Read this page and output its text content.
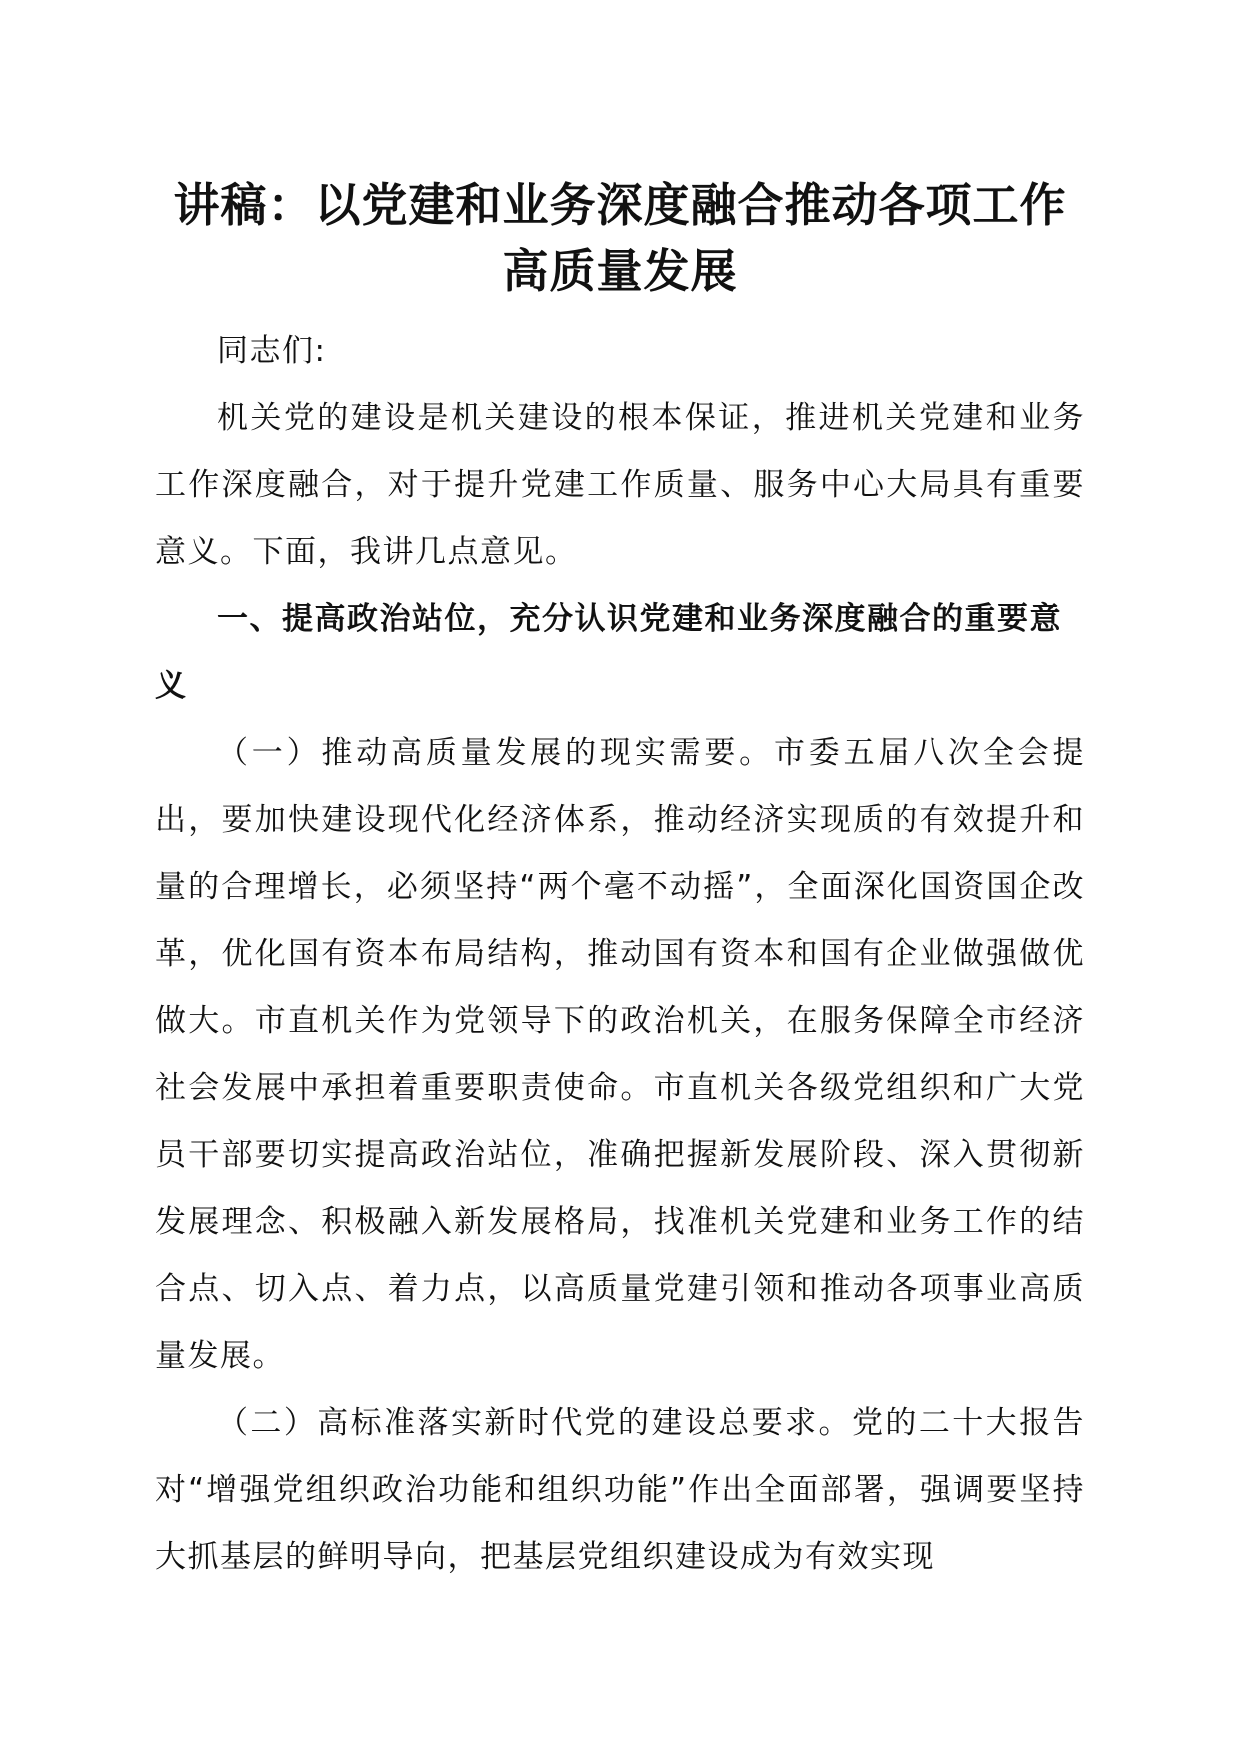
讲稿：以党建和业务深度融合推动各项工作高质量发展

同志们:

机关党的建设是机关建设的根本保证，推进机关党建和业务工作深度融合，对于提升党建工作质量、服务中心大局具有重要意义。下面，我讲几点意见。

一、提高政治站位，充分认识党建和业务深度融合的重要意义

（一）推动高质量发展的现实需要。市委五届八次全会提出，要加快建设现代化经济体系，推动经济实现质的有效提升和量的合理增长，必须坚持“两个毫不动摇”，全面深化国资国企改革，优化国有资本布局结构，推动国有资本和国有企业做强做优做大。市直机关作为党领导下的政治机关，在服务保障全市经济社会发展中承担着重要职责使命。市直机关各级党组织和广大党员干部要切实提高政治站位，准确把握新发展阶段、深入贯彻新发展理念、积极融入新发展格局，找准机关党建和业务工作的结合点、切入点、着力点，以高质量党建引领和推动各项事业高质量发展。

（二）高标准落实新时代党的建设总要求。党的二十大报告对“增强党组织政治功能和组织功能”作出全面部署，强调要坚持大抓基层的鲜明导向，把基层党组织建设成为有效实现
